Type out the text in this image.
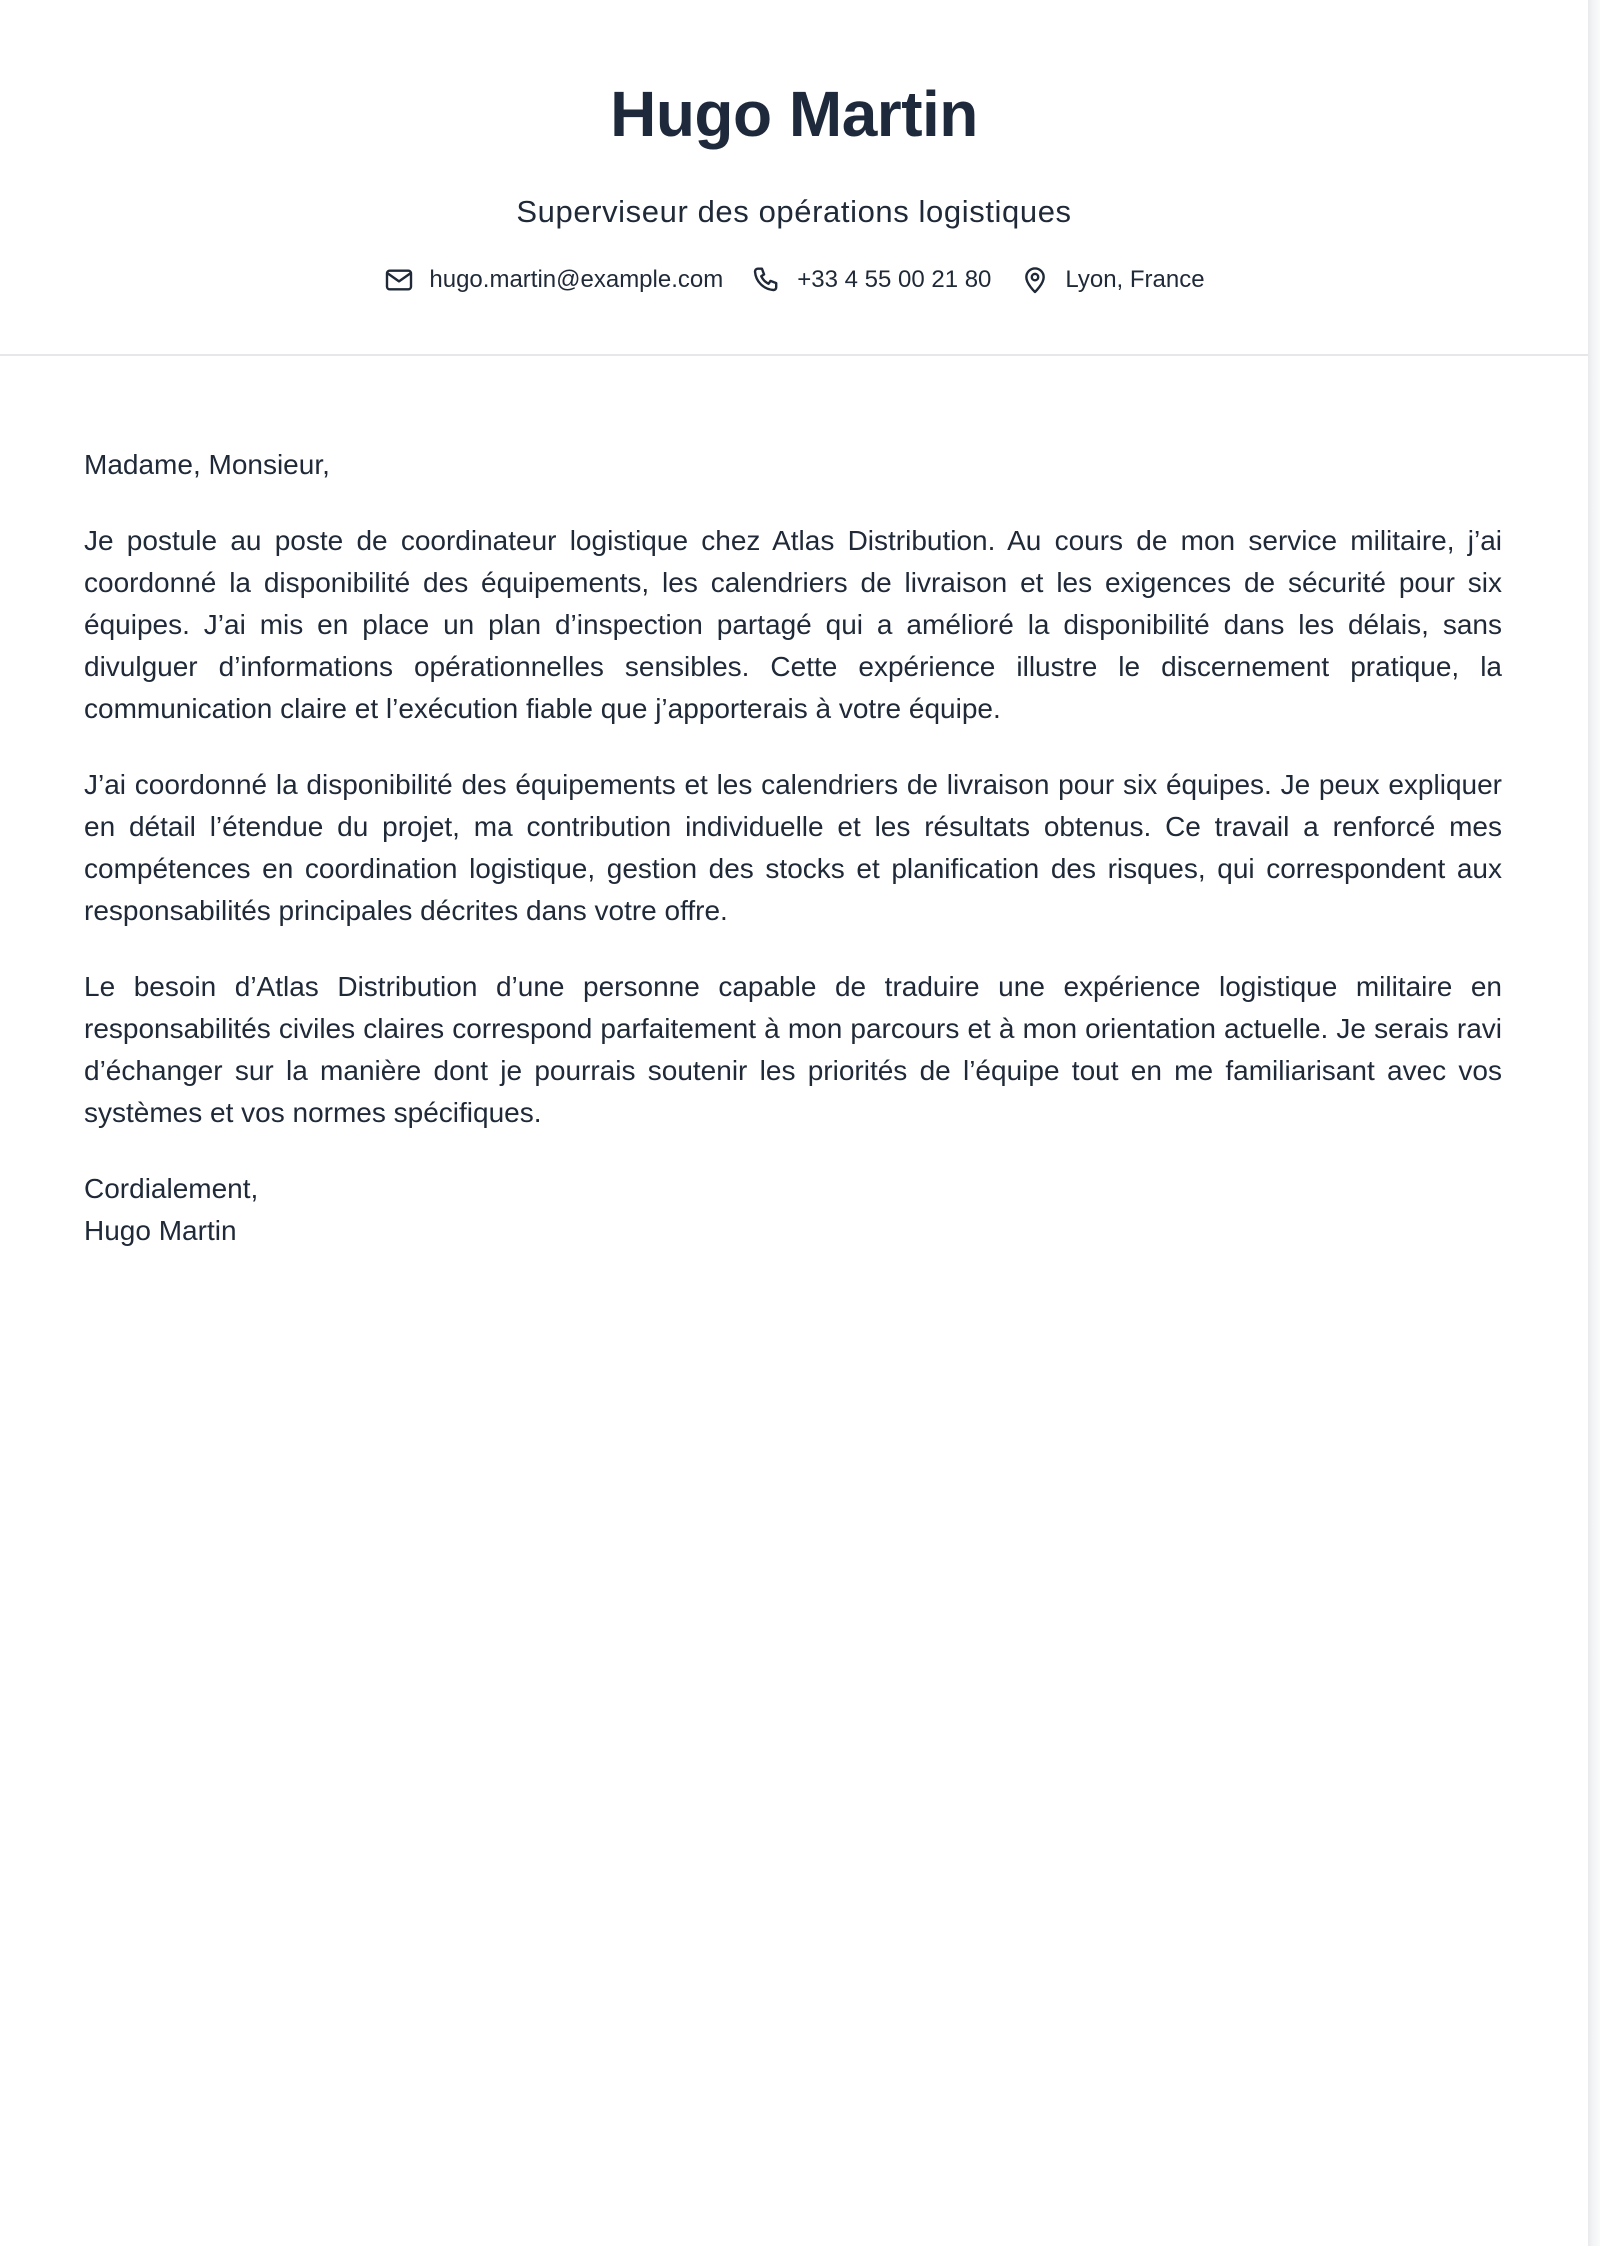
Hugo Martin
Superviseur des opérations logistiques
hugo.martin@example.com	+33 4 55 00 21 80	Lyon, France

Madame, Monsieur,

Je postule au poste de coordinateur logistique chez Atlas Distribution. Au cours de mon service militaire, j’ai coordonné la disponibilité des équipements, les calendriers de livraison et les exigences de sécurité pour six équipes. J’ai mis en place un plan d’inspection partagé qui a amélioré la disponibilité dans les délais, sans divulguer d’informations opérationnelles sensibles. Cette expérience illustre le discernement pratique, la communication claire et l’exécution fiable que j’apporterais à votre équipe.

J’ai coordonné la disponibilité des équipements et les calendriers de livraison pour six équipes. Je peux expliquer en détail l’étendue du projet, ma contribution individuelle et les résultats obtenus. Ce travail a renforcé mes compétences en coordination logistique, gestion des stocks et planification des risques, qui correspondent aux responsabilités principales décrites dans votre offre.

Le besoin d’Atlas Distribution d’une personne capable de traduire une expérience logistique militaire en responsabilités civiles claires correspond parfaitement à mon parcours et à mon orientation actuelle. Je serais ravi d’échanger sur la manière dont je pourrais soutenir les priorités de l’équipe tout en me familiarisant avec vos systèmes et vos normes spécifiques.

Cordialement,
Hugo Martin
